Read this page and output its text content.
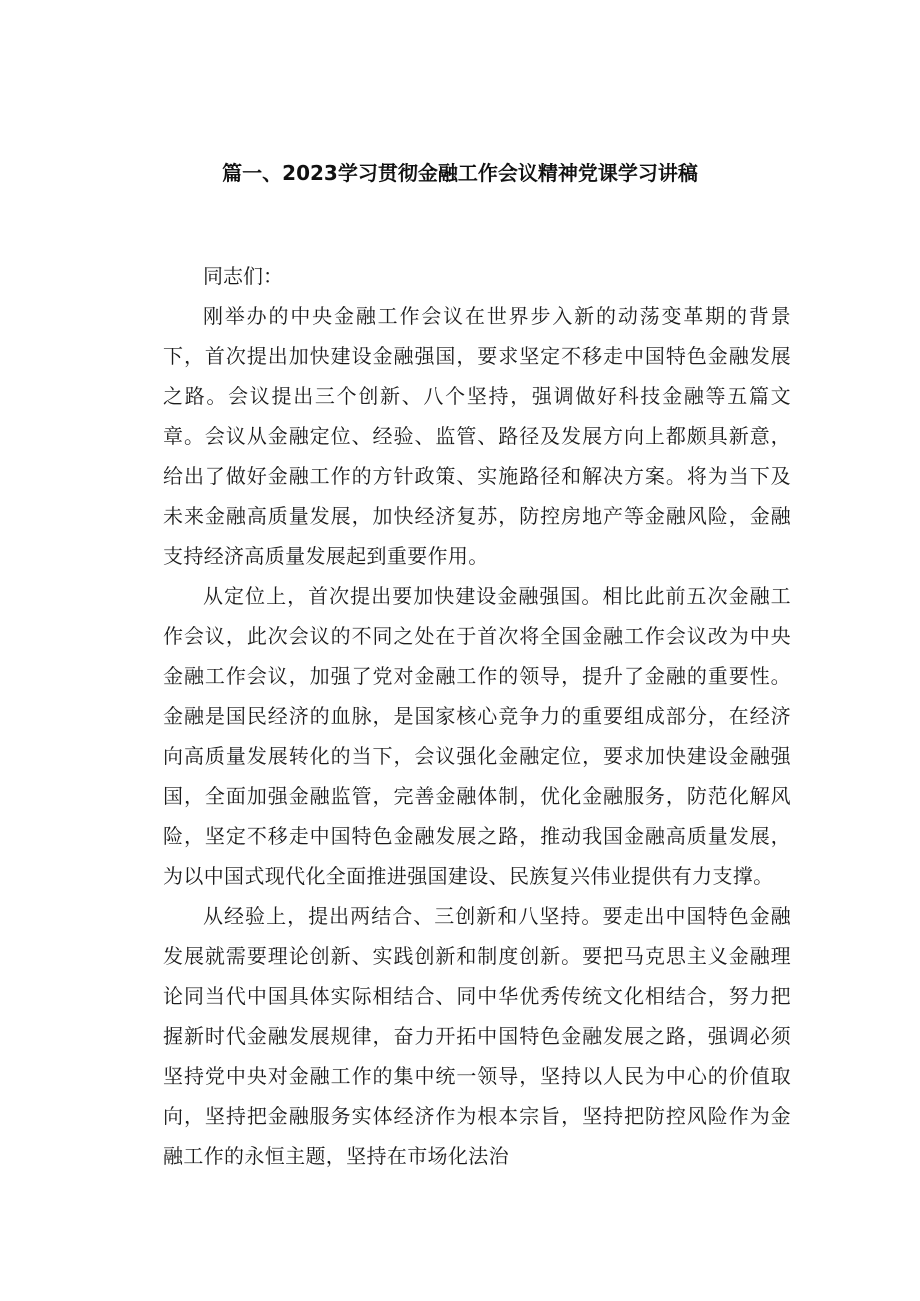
篇一、2023学习贯彻金融工作会议精神党课学习讲稿

同志们：

刚举办的中央金融工作会议在世界步入新的动荡变革期的背景下，首次提出加快建设金融强国，要求坚定不移走中国特色金融发展之路。会议提出三个创新、八个坚持，强调做好科技金融等五篇文章。会议从金融定位、经验、监管、路径及发展方向上都颇具新意，给出了做好金融工作的方针政策、实施路径和解决方案。将为当下及未来金融高质量发展，加快经济复苏，防控房地产等金融风险，金融支持经济高质量发展起到重要作用。

从定位上，首次提出要加快建设金融强国。相比此前五次金融工作会议，此次会议的不同之处在于首次将全国金融工作会议改为中央金融工作会议，加强了党对金融工作的领导，提升了金融的重要性。金融是国民经济的血脉，是国家核心竞争力的重要组成部分，在经济向高质量发展转化的当下，会议强化金融定位，要求加快建设金融强国，全面加强金融监管，完善金融体制，优化金融服务，防范化解风险，坚定不移走中国特色金融发展之路，推动我国金融高质量发展，为以中国式现代化全面推进强国建设、民族复兴伟业提供有力支撑。

从经验上，提出两结合、三创新和八坚持。要走出中国特色金融发展就需要理论创新、实践创新和制度创新。要把马克思主义金融理论同当代中国具体实际相结合、同中华优秀传统文化相结合，努力把握新时代金融发展规律，奋力开拓中国特色金融发展之路，强调必须坚持党中央对金融工作的集中统一领导，坚持以人民为中心的价值取向，坚持把金融服务实体经济作为根本宗旨，坚持把防控风险作为金融工作的永恒主题，坚持在市场化法治
